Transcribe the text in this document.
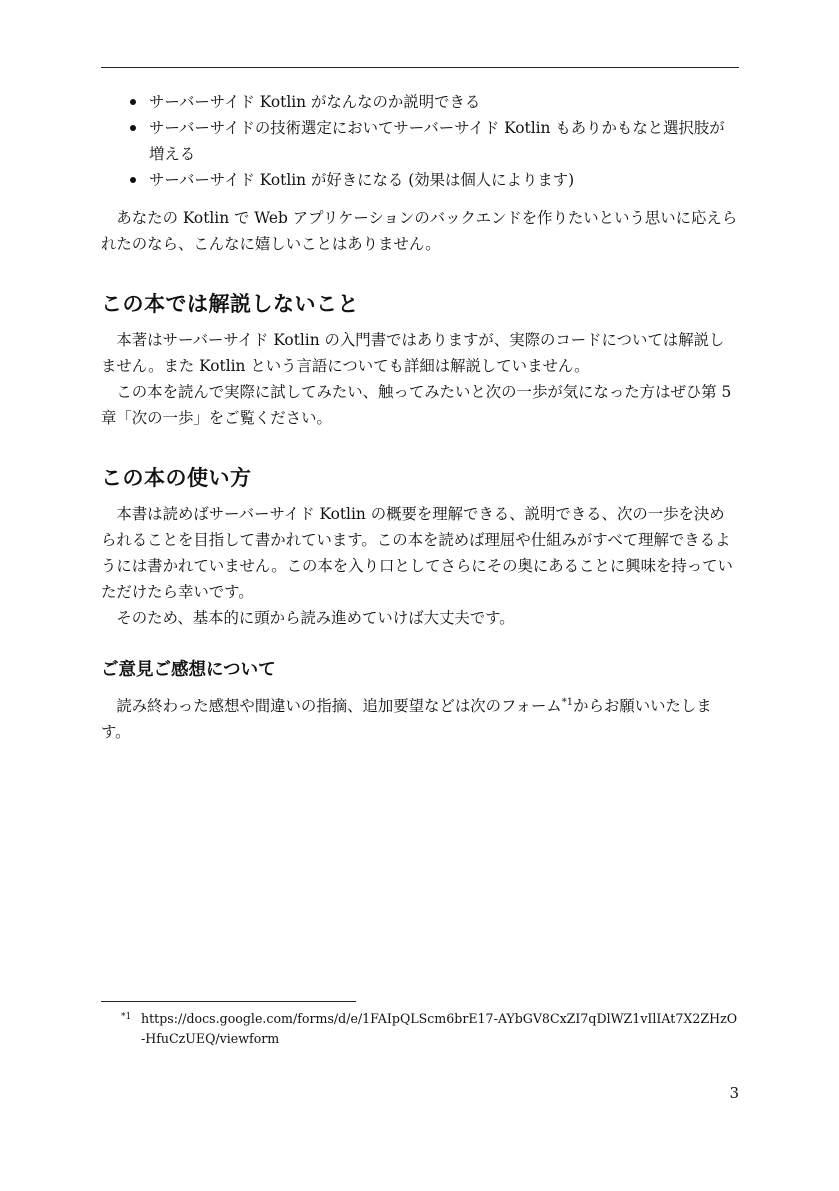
サーバーサイド Kotlin がなんなのか説明できる
サーバーサイドの技術選定においてサーバーサイド Kotlin もありかもなと選択肢が増える
サーバーサイド Kotlin が好きになる (効果は個人によります)

あなたの Kotlin で Web アプリケーションのバックエンドを作りたいという思いに応えられたのなら、こんなに嬉しいことはありません。

この本では解説しないこと

本著はサーバーサイド Kotlin の入門書ではありますが、実際のコードについては解説しません。また Kotlin という言語についても詳細は解説していません。

この本を読んで実際に試してみたい、触ってみたいと次の一歩が気になった方はぜひ第 5 章「次の一歩」をご覧ください。

この本の使い方

本書は読めばサーバーサイド Kotlin の概要を理解できる、説明できる、次の一歩を決められることを目指して書かれています。この本を読めば理屈や仕組みがすべて理解できるようには書かれていません。この本を入り口としてさらにその奥にあることに興味を持っていただけたら幸いです。

そのため、基本的に頭から読み進めていけば大丈夫です。

ご意見ご感想について

読み終わった感想や間違いの指摘、追加要望などは次のフォーム$^{*1}$からお願いいたします。

$^{*1}$ https://docs.google.com/forms/d/e/1FAIpQLScm6brE17-AYbGV8CxZI7qDlWZ1vIlIAt7X2ZHzO-HfuCzUEQ/viewform
3
